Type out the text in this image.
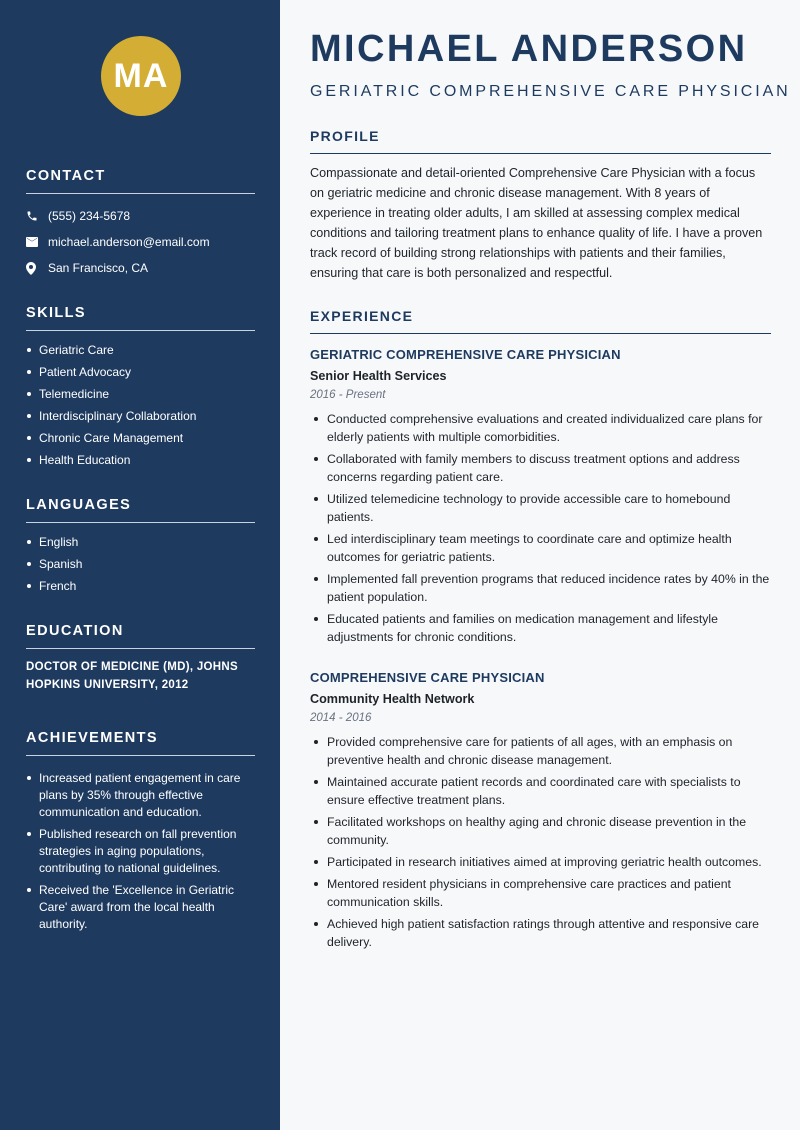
MA
CONTACT
(555) 234-5678
michael.anderson@email.com
San Francisco, CA
SKILLS
Geriatric Care
Patient Advocacy
Telemedicine
Interdisciplinary Collaboration
Chronic Care Management
Health Education
LANGUAGES
English
Spanish
French
EDUCATION
DOCTOR OF MEDICINE (MD), JOHNS HOPKINS UNIVERSITY, 2012
ACHIEVEMENTS
Increased patient engagement in care plans by 35% through effective communication and education.
Published research on fall prevention strategies in aging populations, contributing to national guidelines.
Received the 'Excellence in Geriatric Care' award from the local health authority.
MICHAEL ANDERSON
GERIATRIC COMPREHENSIVE CARE PHYSICIAN
PROFILE

Compassionate and detail-oriented Comprehensive Care Physician with a focus on geriatric medicine and chronic disease management. With 8 years of experience in treating older adults, I am skilled at assessing complex medical conditions and tailoring treatment plans to enhance quality of life. I have a proven track record of building strong relationships with patients and their families, ensuring that care is both personalized and respectful.

EXPERIENCE
GERIATRIC COMPREHENSIVE CARE PHYSICIAN
Senior Health Services
2016 - Present
Conducted comprehensive evaluations and created individualized care plans for elderly patients with multiple comorbidities.
Collaborated with family members to discuss treatment options and address concerns regarding patient care.
Utilized telemedicine technology to provide accessible care to homebound patients.
Led interdisciplinary team meetings to coordinate care and optimize health outcomes for geriatric patients.
Implemented fall prevention programs that reduced incidence rates by 40% in the patient population.
Educated patients and families on medication management and lifestyle adjustments for chronic conditions.
COMPREHENSIVE CARE PHYSICIAN
Community Health Network
2014 - 2016
Provided comprehensive care for patients of all ages, with an emphasis on preventive health and chronic disease management.
Maintained accurate patient records and coordinated care with specialists to ensure effective treatment plans.
Facilitated workshops on healthy aging and chronic disease prevention in the community.
Participated in research initiatives aimed at improving geriatric health outcomes.
Mentored resident physicians in comprehensive care practices and patient communication skills.
Achieved high patient satisfaction ratings through attentive and responsive care delivery.
